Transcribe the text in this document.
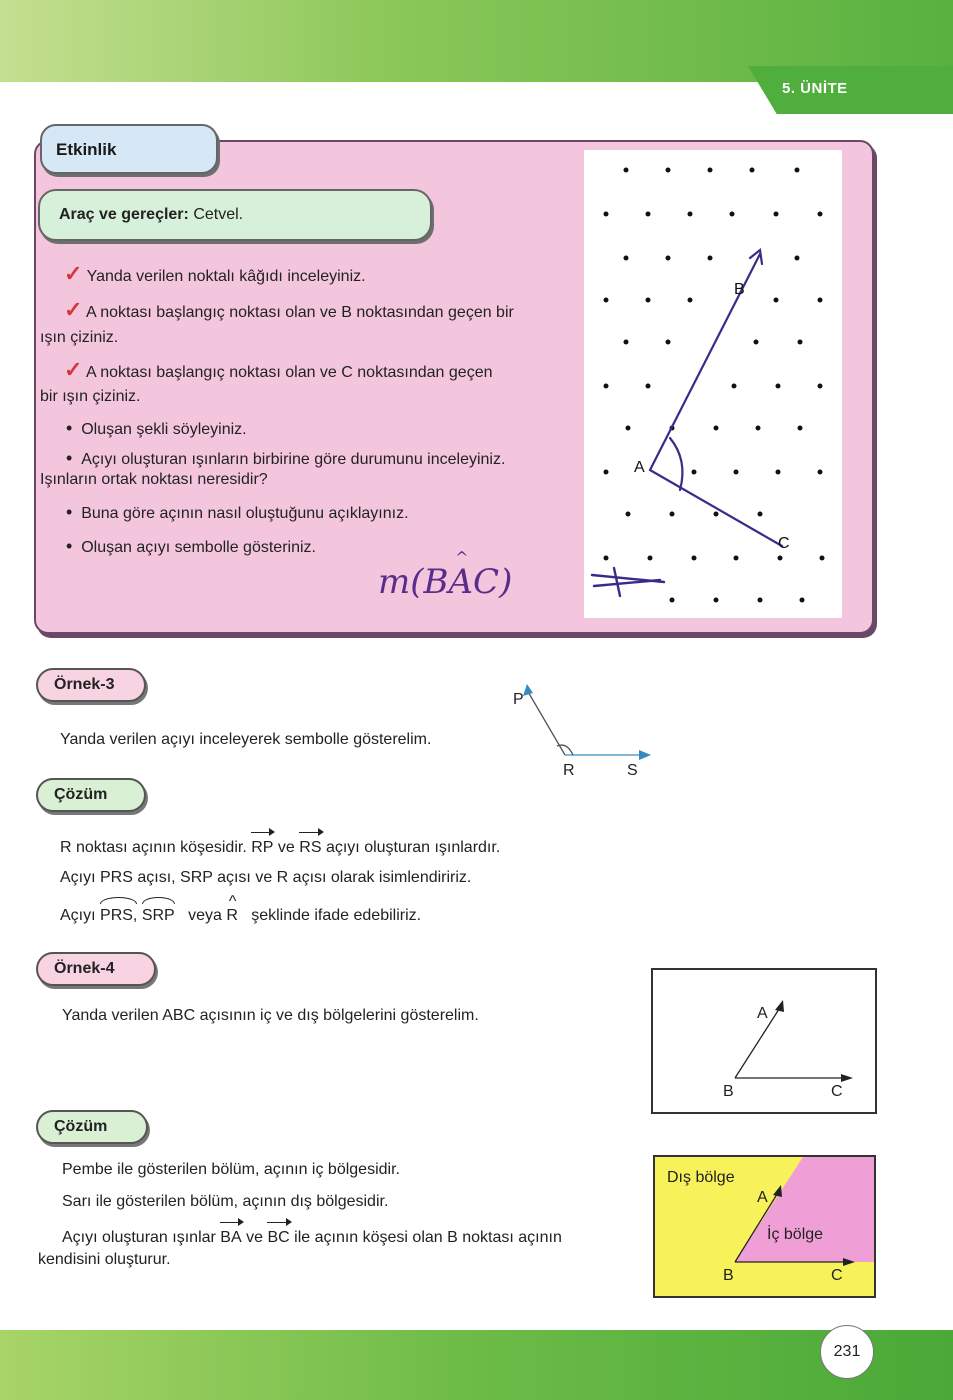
5. ÜNİTE
Etkinlik
Araç ve gereçler: Cetvel.
A
B
C
✓ Yanda verilen noktalı kâğıdı inceleyiniz.
✓ A noktası başlangıç noktası olan ve B noktasından geçen bir
ışın çiziniz.
✓ A noktası başlangıç noktası olan ve C noktasından geçen
bir ışın çiziniz.
• Oluşan şekli söyleyiniz.
• Açıyı oluşturan ışınların birbirine göre durumunu inceleyiniz.
Işınların ortak noktası neresidir?
• Buna göre açının nasıl oluştuğunu açıklayınız.
• Oluşan açıyı sembolle gösteriniz.
m(^ BAC)
Örnek-3
Yanda verilen açıyı inceleyerek sembolle gösterelim.
P
R	S
Çözüm
R noktası açının köşesidir. RP ve RS açıyı oluşturan ışınlardır.
Açıyı PRS açısı, SRP açısı ve R açısı olarak isimlendiririz.
Açıyı PRS, SRP veya ^ R şeklinde ifade edebiliriz.
Örnek-4
Yanda verilen ABC açısının iç ve dış bölgelerini gösterelim.	A
B	C
Çözüm
Pembe ile gösterilen bölüm, açının iç bölgesidir.
Sarı ile gösterilen bölüm, açının dış bölgesidir.
Açıyı oluşturan ışınlar BA ve BC ile açının köşesi olan B noktası açının
kendisini oluşturur.
Dış bölge
İç bölge
A
B	C
231
